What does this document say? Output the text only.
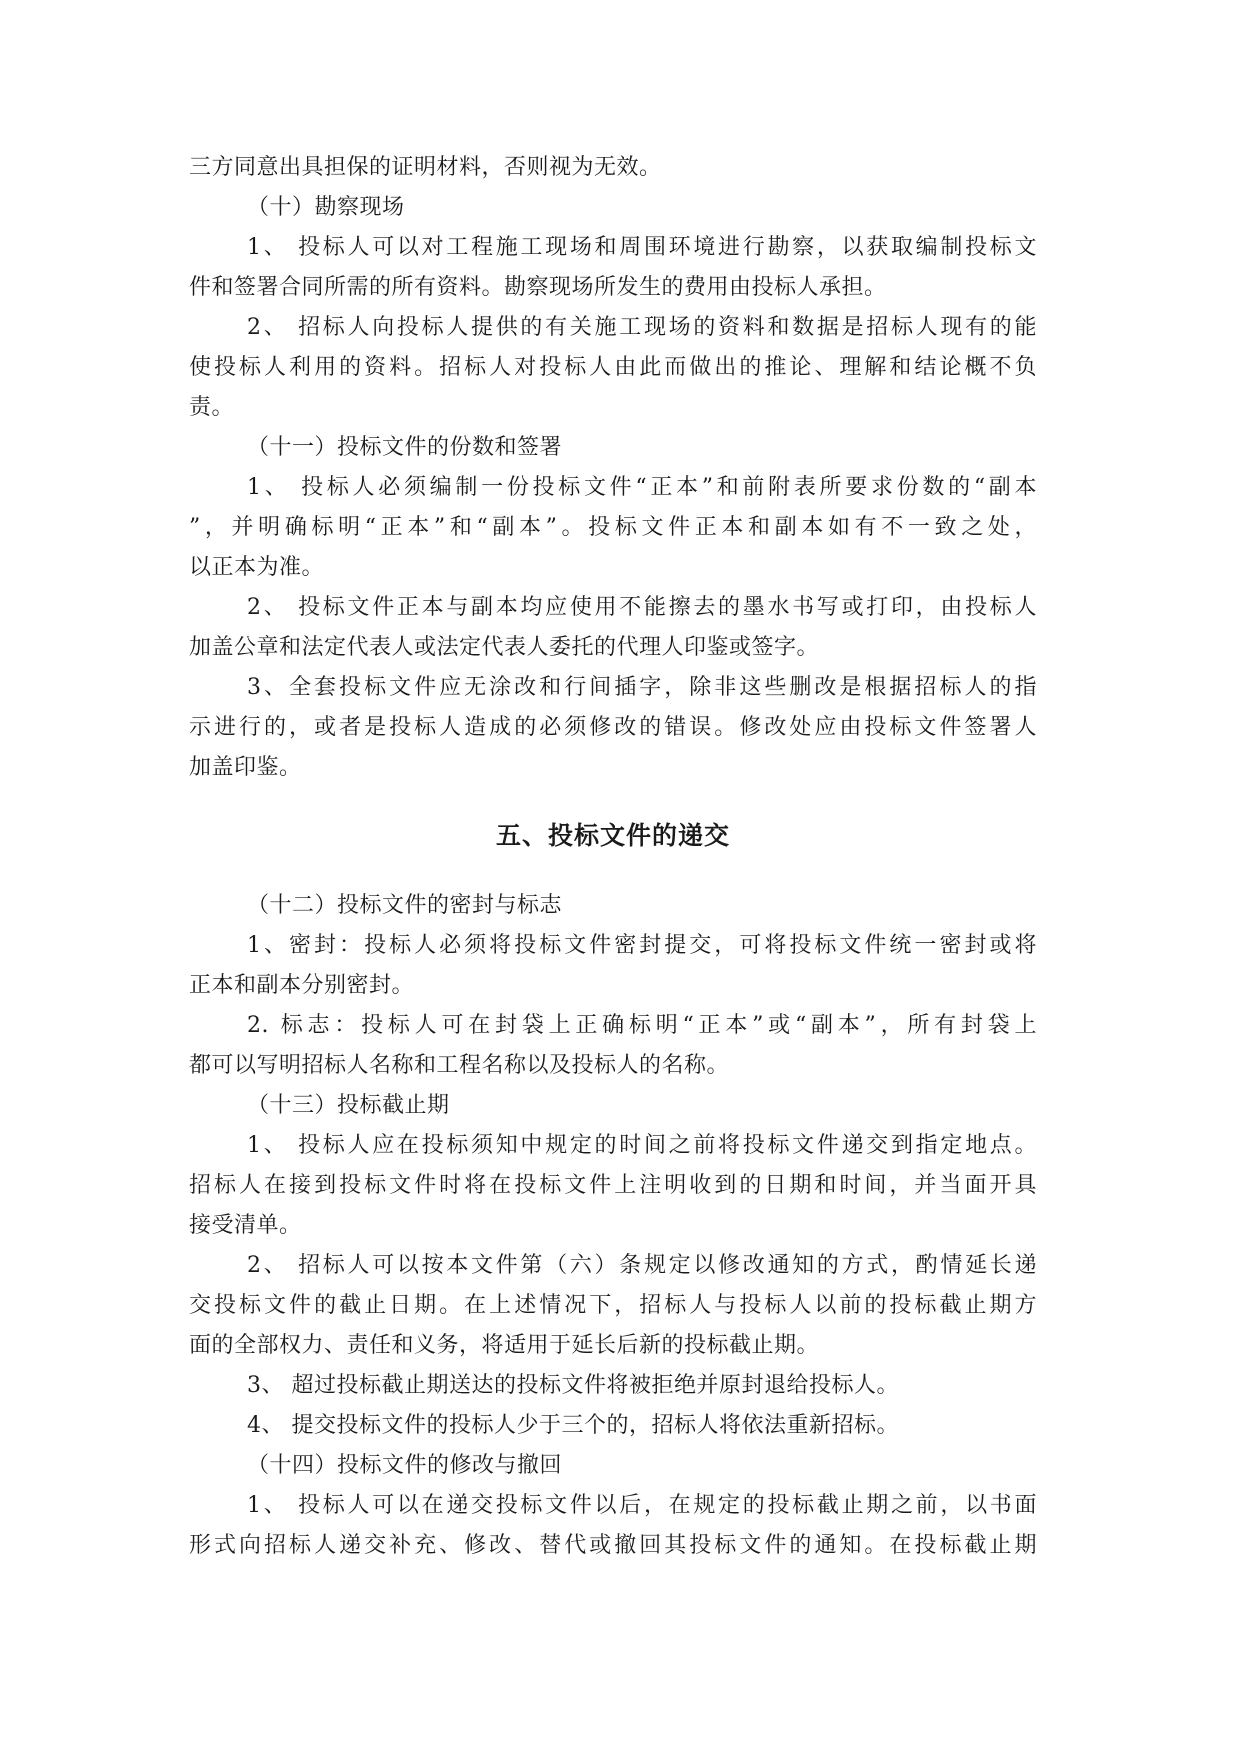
三方同意出具担保的证明材料，否则视为无效。
（十）勘察现场
1、 投标人可以对工程施工现场和周围环境进行勘察，以获取编制投标文
件和签署合同所需的所有资料。勘察现场所发生的费用由投标人承担。
2、 招标人向投标人提供的有关施工现场的资料和数据是招标人现有的能
使投标人利用的资料。招标人对投标人由此而做出的推论、理解和结论概不负
责。
（十一）投标文件的份数和签署
1、 投标人必须编制一份投标文件“正本”和前附表所要求份数的“副本
”，并明确标明“正本”和“副本”。投标文件正本和副本如有不一致之处，
以正本为准。
2、 投标文件正本与副本均应使用不能擦去的墨水书写或打印，由投标人
加盖公章和法定代表人或法定代表人委托的代理人印鉴或签字。
3、全套投标文件应无涂改和行间插字，除非这些删改是根据招标人的指
示进行的，或者是投标人造成的必须修改的错误。修改处应由投标文件签署人
加盖印鉴。
五、投标文件的递交
（十二）投标文件的密封与标志
1、密封：投标人必须将投标文件密封提交，可将投标文件统一密封或将
正本和副本分别密封。
2. 标志：投标人可在封袋上正确标明“正本”或“副本”，所有封袋上
都可以写明招标人名称和工程名称以及投标人的名称。
（十三）投标截止期
1、 投标人应在投标须知中规定的时间之前将投标文件递交到指定地点。
招标人在接到投标文件时将在投标文件上注明收到的日期和时间，并当面开具
接受清单。
2、 招标人可以按本文件第（六）条规定以修改通知的方式，酌情延长递
交投标文件的截止日期。在上述情况下，招标人与投标人以前的投标截止期方
面的全部权力、责任和义务，将适用于延长后新的投标截止期。
3、 超过投标截止期送达的投标文件将被拒绝并原封退给投标人。
4、 提交投标文件的投标人少于三个的，招标人将依法重新招标。
（十四）投标文件的修改与撤回
1、 投标人可以在递交投标文件以后，在规定的投标截止期之前，以书面
形式向招标人递交补充、修改、替代或撤回其投标文件的通知。在投标截止期
